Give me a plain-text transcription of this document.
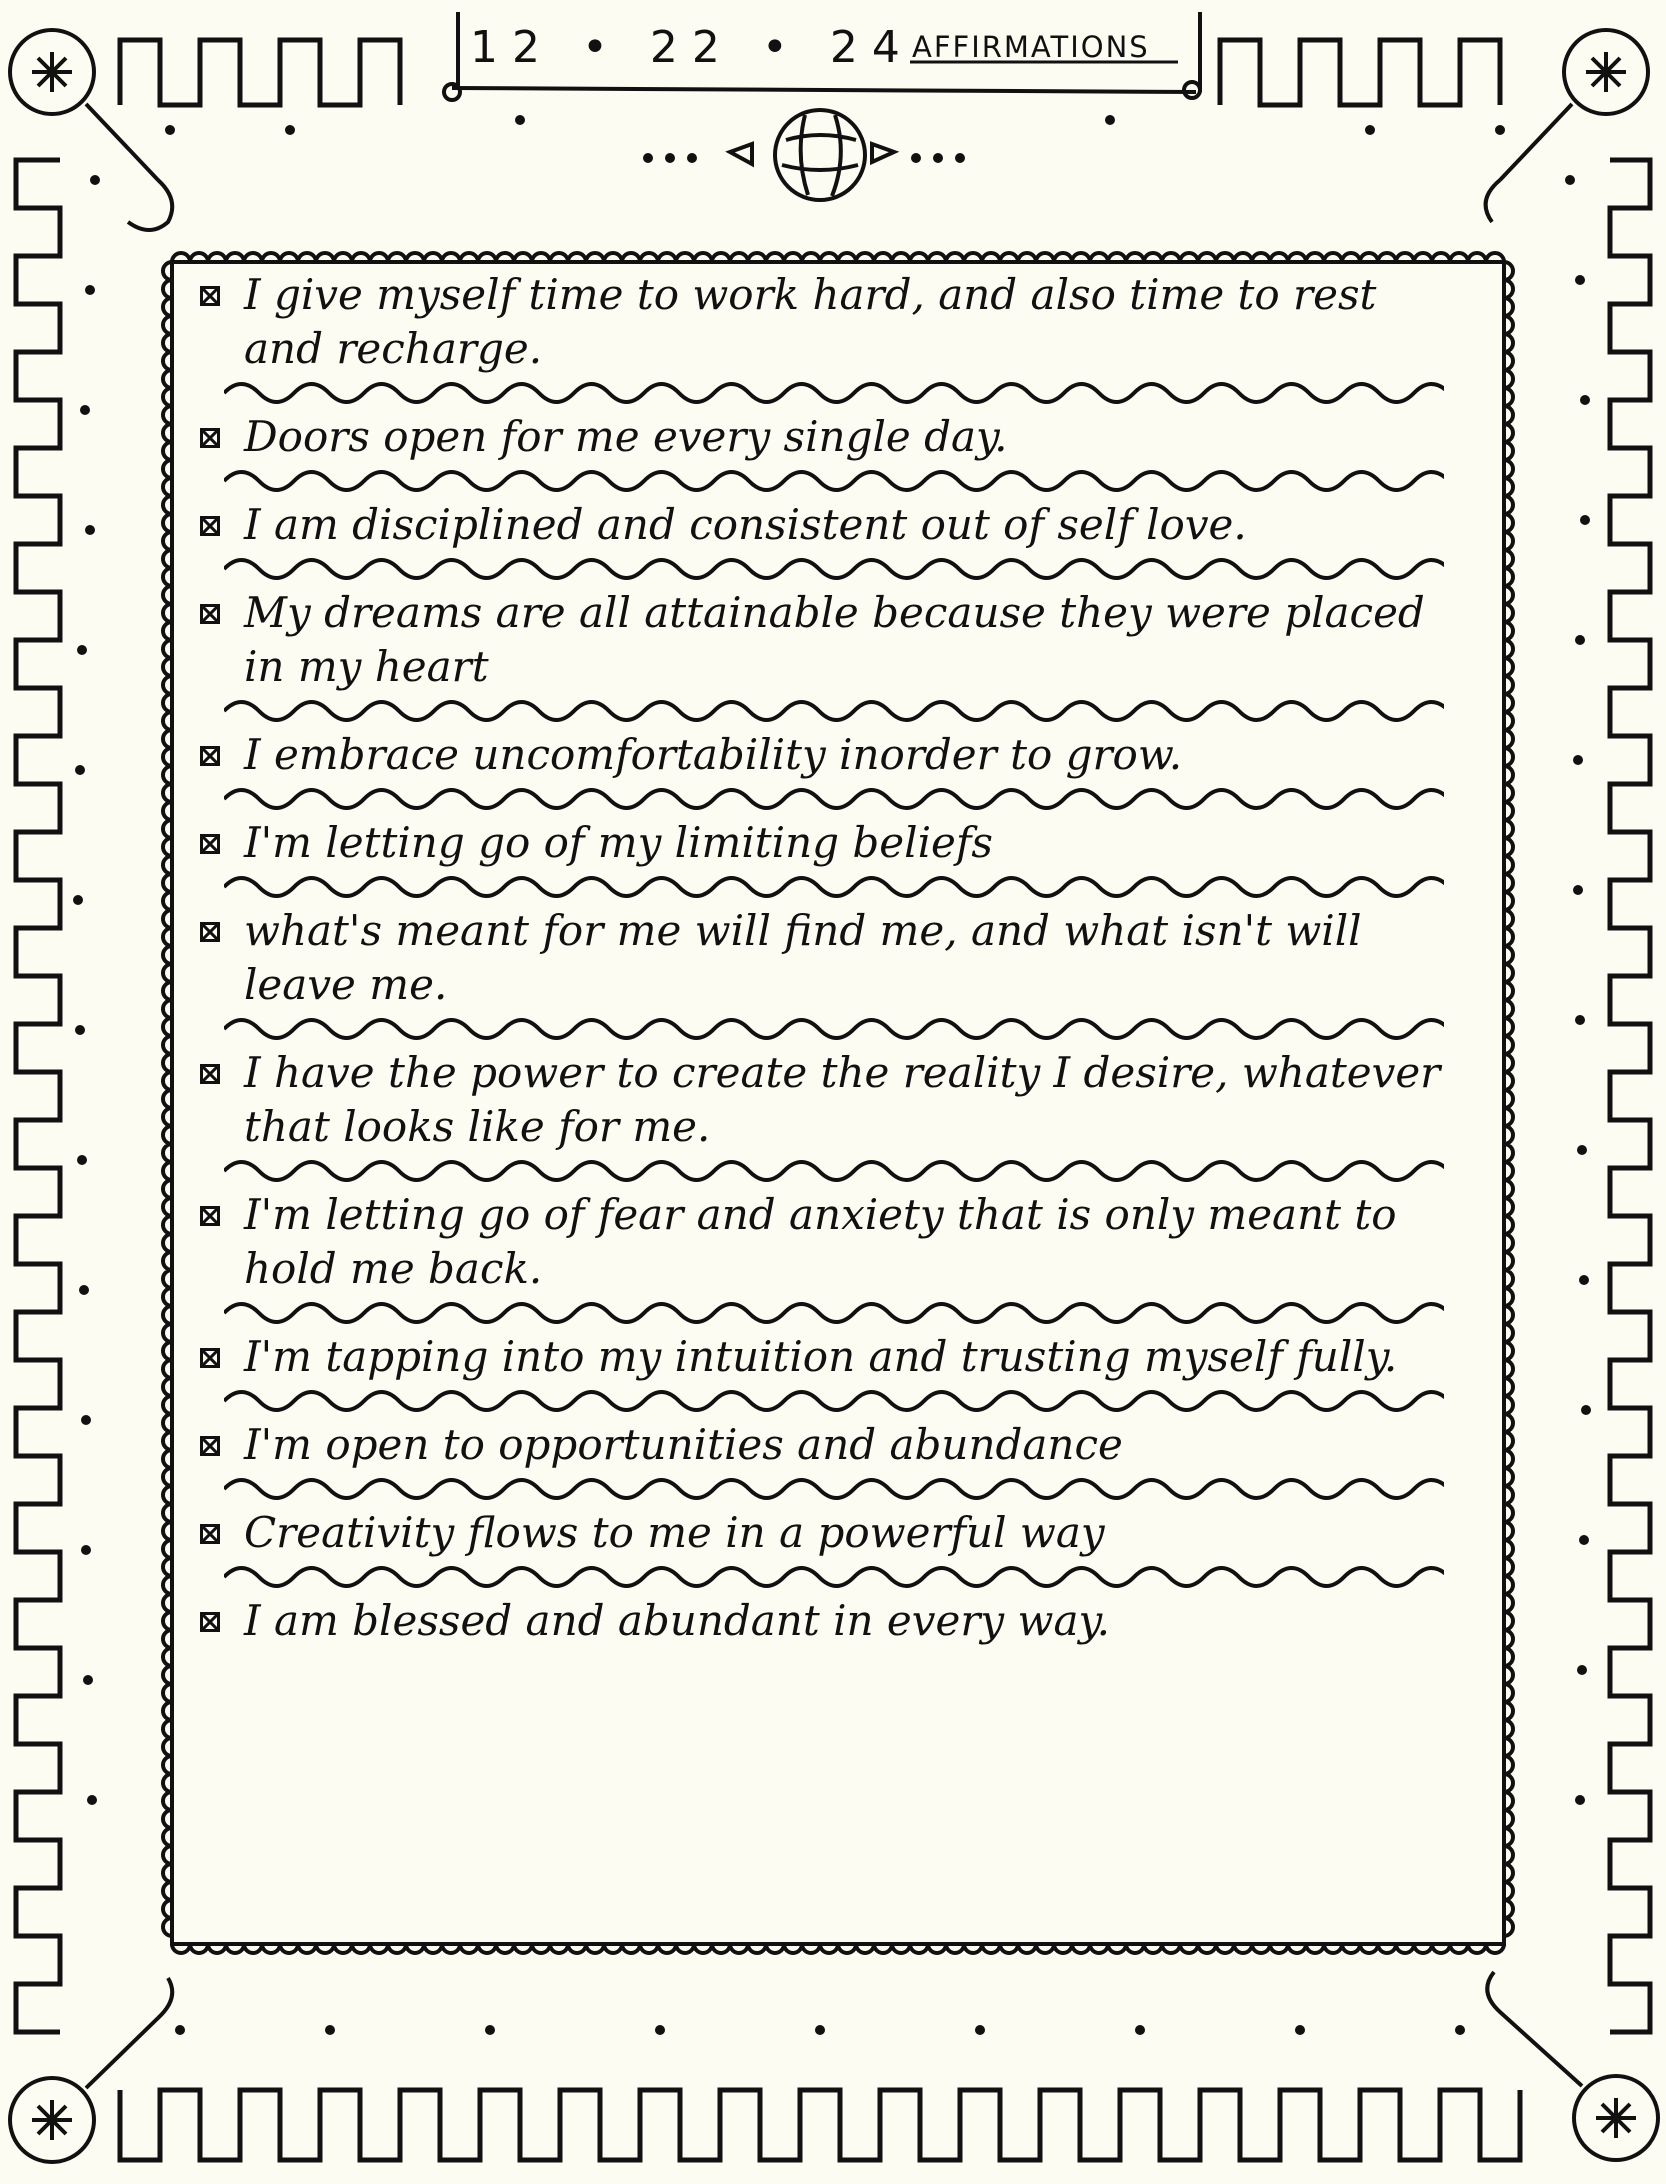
12 • 22 • 24
AFFIRMATIONS
I give myself time to work hard, and also time to rest and recharge.
Doors open for me every single day.
I am disciplined and consistent out of self love.
My dreams are all attainable because they were placed in my heart
I embrace uncomfortability inorder to grow.
I'm letting go of my limiting beliefs
what's meant for me will find me, and what isn't will leave me.
I have the power to create the reality I desire, whatever that looks like for me.
I'm letting go of fear and anxiety that is only meant to hold me back.
I'm tapping into my intuition and trusting myself fully.
I'm open to opportunities and abundance
Creativity flows to me in a powerful way
I am blessed and abundant in every way.
